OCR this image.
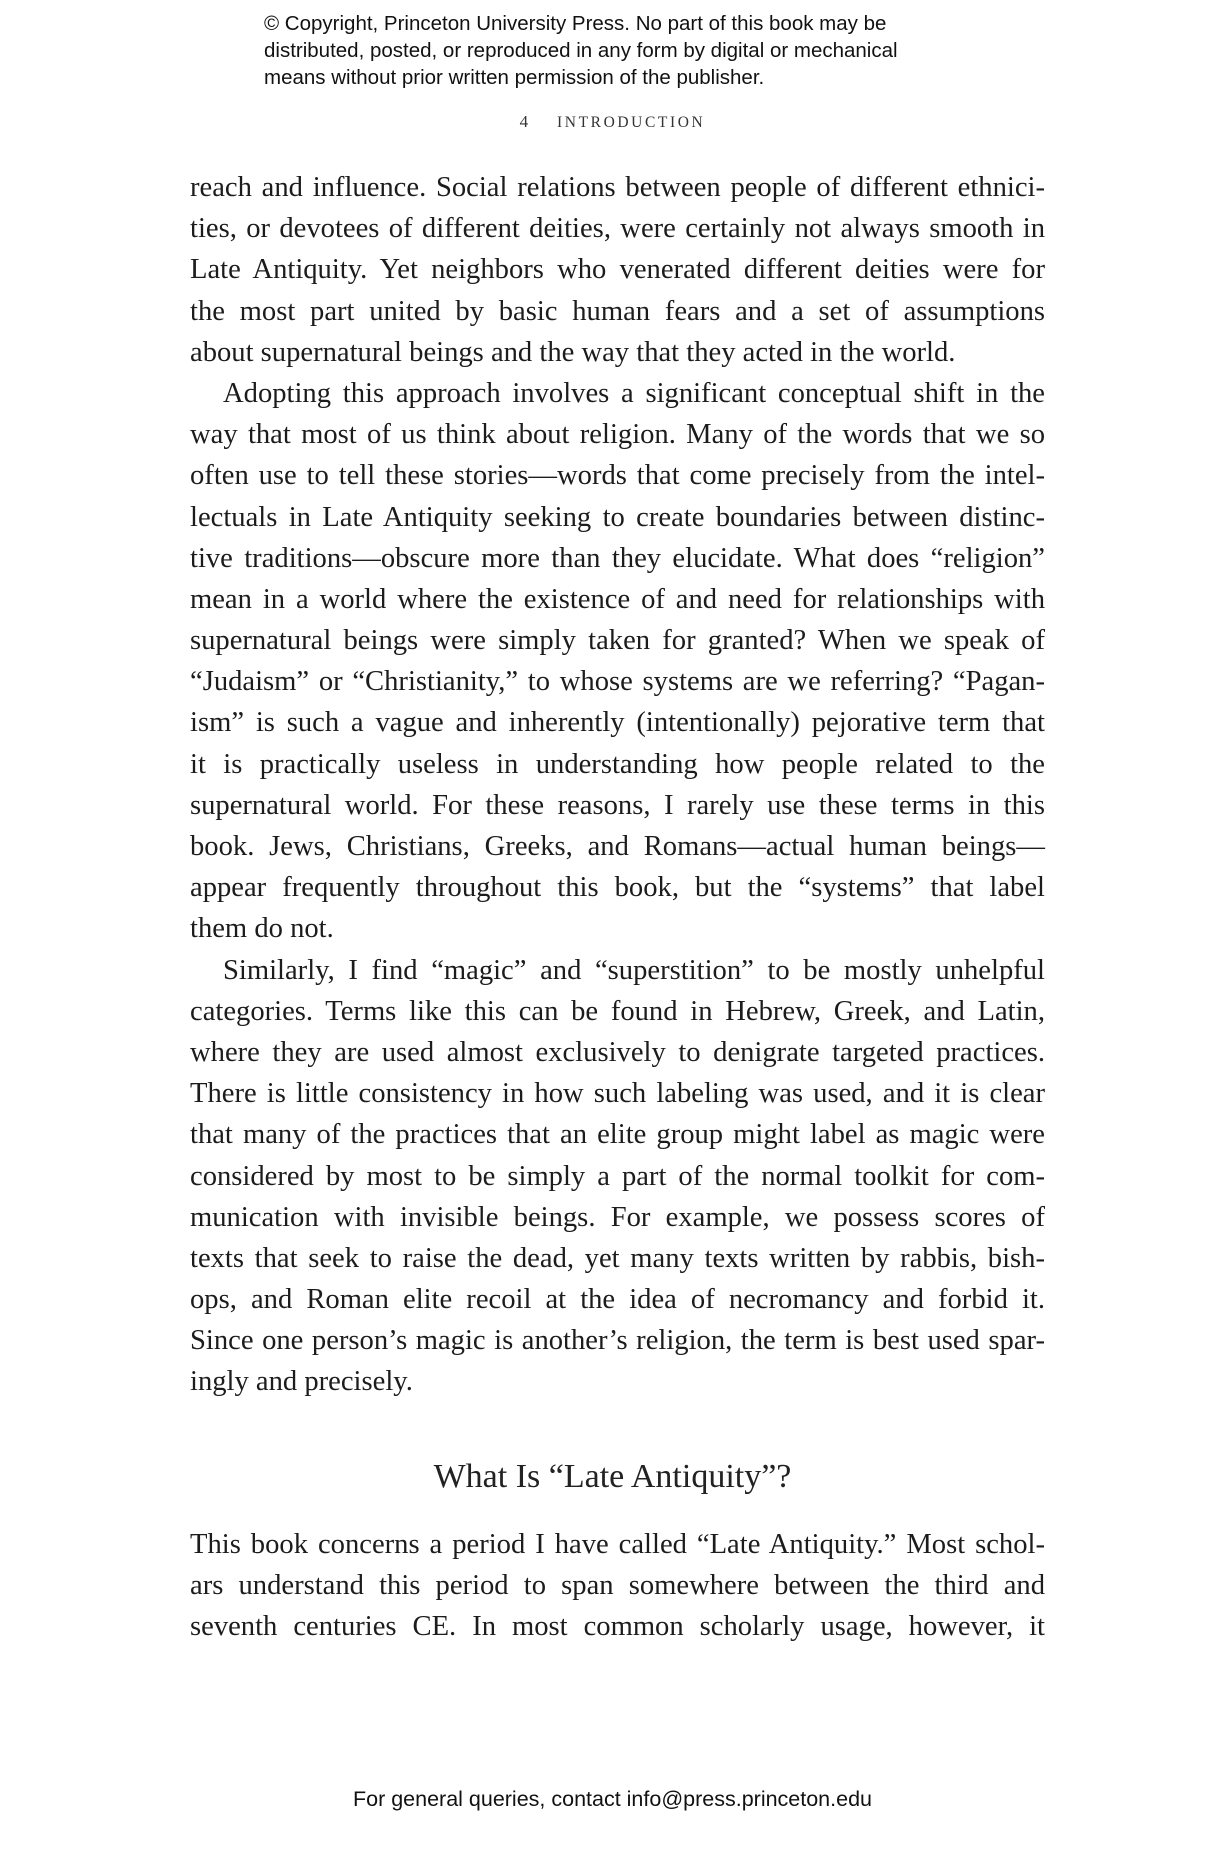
© Copyright, Princeton University Press. No part of this book may be
distributed, posted, or reproduced in any form by digital or mechanical
means without prior written permission of the publisher.
4 INTRODUCTION
reach and influence. Social relations between people of different ethnici-
ties, or devotees of different deities, were certainly not always smooth in
Late Antiquity. Yet neighbors who venerated different deities were for
the most part united by basic human fears and a set of assumptions
about supernatural beings and the way that they acted in the world.
Adopting this approach involves a significant conceptual shift in the
way that most of us think about religion. Many of the words that we so
often use to tell these stories—words that come precisely from the intel-
lectuals in Late Antiquity seeking to create boundaries between distinc-
tive traditions—obscure more than they elucidate. What does “religion”
mean in a world where the existence of and need for relationships with
supernatural beings were simply taken for granted? When we speak of
“Judaism” or “Christianity,” to whose systems are we referring? “Pagan-
ism” is such a vague and inherently (intentionally) pejorative term that
it is practically useless in understanding how people related to the
supernatural world. For these reasons, I rarely use these terms in this
book. Jews, Christians, Greeks, and Romans—actual human beings—
appear frequently throughout this book, but the “systems” that label
them do not.
Similarly, I find “magic” and “superstition” to be mostly unhelpful
categories. Terms like this can be found in Hebrew, Greek, and Latin,
where they are used almost exclusively to denigrate targeted practices.
There is little consistency in how such labeling was used, and it is clear
that many of the practices that an elite group might label as magic were
considered by most to be simply a part of the normal toolkit for com-
munication with invisible beings. For example, we possess scores of
texts that seek to raise the dead, yet many texts written by rabbis, bish-
ops, and Roman elite recoil at the idea of necromancy and forbid it.
Since one person’s magic is another’s religion, the term is best used spar-
ingly and precisely.
What Is “Late Antiquity”?
This book concerns a period I have called “Late Antiquity.” Most schol-
ars understand this period to span somewhere between the third and
seventh centuries CE. In most common scholarly usage, however, it
For general queries, contact info@press.princeton.edu
